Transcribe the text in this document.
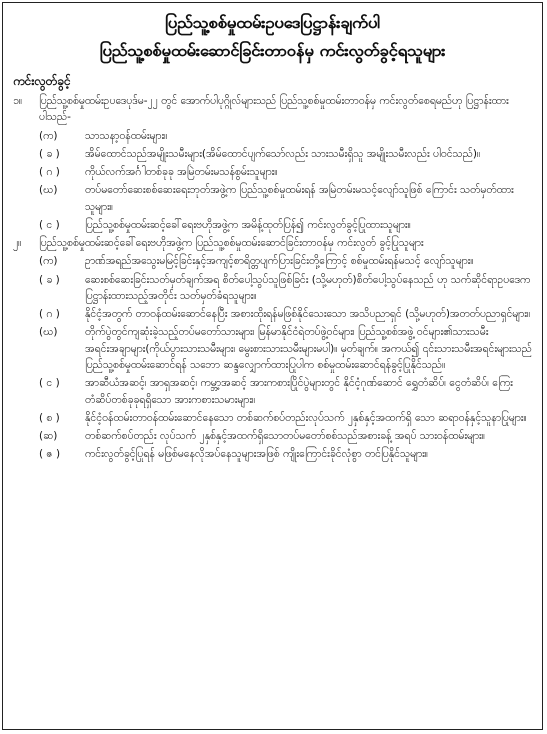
ပြည်သူ့စစ်မှုထမ်းဥပဒေပြဋ္ဌာန်းချက်ပါ
ပြည်သူ့စစ်မှုထမ်းဆောင်ခြင်းတာဝန်မှ ကင်းလွတ်ခွင့်ရသူများ
ကင်းလွတ်ခွင့်
၁။	ပြည်သူ့စစ်မှုထမ်းဥပဒေပုဒ်မ-၂၂ တွင် အောက်ပါပုဂ္ဂိုလ်များသည် ပြည်သူ့စစ်မှုထမ်းတာဝန်မှ ကင်းလွတ်စေရမည်ဟု ပြဋ္ဌာန်းထားပါသည်-
(က)	သာသနာ့ဝန်ထမ်းများ။
( ခ )	အိမ်ထောင်သည်အမျိုးသမီးများ(အိမ်ထောင်ပျက်သော်လည်း သားသမီးရှိသူ အမျိုးသမီးလည်း ပါဝင်သည်)။
( ဂ )	ကိုယ်လက်အင်္ဂါတစ်ခုခု အမြဲတမ်းမသန်စွမ်းသူများ။
(ဃ)	တပ်မတော်ဆေးစစ်ဆေးရေးဘုတ်အဖွဲ့က ပြည်သူ့စစ်မှုထမ်းရန် အမြဲတမ်းမသင့်လျော်သူဖြစ် ကြောင်း သတ်မှတ်ထားသူများ။
( င )	ပြည်သူ့စစ်မှုထမ်းဆင့်ခေါ်ရေးဗဟိုအဖွဲ့က အမိန့်ထုတ်ပြန်၍ ကင်းလွတ်ခွင့်ပြုထားသူများ။
၂။	ပြည်သူ့စစ်မှုထမ်းဆင့်ခေါ်ရေးဗဟိုအဖွဲ့က ပြည်သူ့စစ်မှုထမ်းဆောင်ခြင်းတာဝန်မှ ကင်းလွတ် ခွင့်ပြုသူများ
(က)	ဥာဏ်အရည်အသွေးမမြင့်ခြင်းနှင့်အကျင့်စာရိတ္တပျက်ပြားခြင်းတို့ကြောင့် စစ်မှုထမ်းရန်မသင့် လျော်သူများ။
( ခ )	ဆေးစစ်ဆေးခြင်းသတ်မှတ်ချက်အရ စိတ်ပေါ့သွပ်သူဖြစ်ခြင်း (သို့မဟုတ်)စိတ်ပေါ့သွပ်နေသည် ဟု သက်ဆိုင်ရာဥပဒေက ပြဋ္ဌာန်းထားသည့်အတိုင်း သတ်မှတ်ခံရသူများ။
( ဂ )	နိုင်ငံ့အတွက် တာဝန်ထမ်းဆောင်နေပြီး အစားထိုးရန်မဖြစ်နိုင်သေးသော အသိပညာရှင် (သို့မဟုတ်)အတတ်ပညာရှင်များ။
(ဃ)	တိုက်ပွဲတွင်ကျဆုံးခဲ့သည့်တပ်မတော်သားများ၊ မြန်မာနိုင်ငံရဲတပ်ဖွဲ့ဝင်များ၊ ပြည်သူ့စစ်အဖွဲ့ ဝင်များ၏သားသမီးအရင်းအချာများ(ကိုယ်ပွားသားသမီးများ၊ မွေးစားသားသမီးများမပါ)။ မှတ်ချက်။ အကယ်၍ ၎င်းသားသမီးအရင်းများသည် ပြည်သူ့စစ်မှုထမ်းဆောင်ရန် သဘော ဆန္ဒလျှောက်ထားပြုပါက စစ်မှုထမ်းဆောင်ရန်ခွင့်ပြုနိုင်သည်။
( င )	အာဆီယံအဆင့်၊ အာရှအဆင့်၊ ကမ္ဘာ့အဆင့် အားကစားပြိုင်ပွဲများတွင် နိုင်ငံ့ဂုဏ်ဆောင် ရွှေတံဆိပ်၊ ငွေတံဆိပ်၊ ကြေးတံဆိပ်တစ်ခုခုရရှိသော အားကစားသမားများ။
( စ )	နိုင်ငံ့ဝန်ထမ်းတာဝန်ထမ်းဆောင်နေသော တစ်ဆက်စပ်တည်းလုပ်သက် ၂နှစ်နှင့်အထက်ရှိ သော ဆရာဝန်နှင့်သူနာပြုများ။
(ဆ)	တစ်ဆက်စပ်တည်း လုပ်သက် ၂နှစ်နှင့်အထက်ရှိသောတပ်မတော်စစ်သည်အစားခန့် အရပ် သားဝန်ထမ်းများ။
( ဇ )	ကင်းလွတ်ခွင့်ပြုရန် မဖြစ်မနေလိုအပ်နေသူများအဖြစ် ကျိုးကြောင်းခိုင်လုံစွာ တင်ပြနိုင်သူများ။
